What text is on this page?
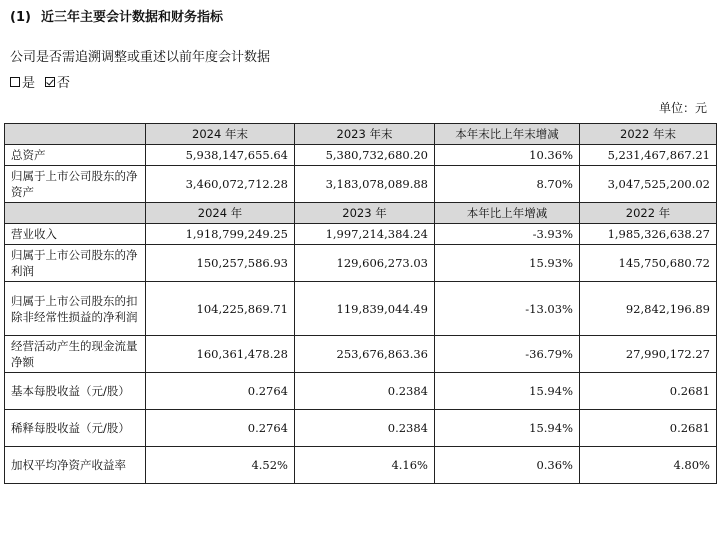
(1) 近三年主要会计数据和财务指标
公司是否需追溯调整或重述以前年度会计数据
是 否
单位：元
	2024 年末	2023 年末	本年末比上年末增减	2022 年末
总资产	5,938,147,655.64	5,380,732,680.20	10.36%	5,231,467,867.21
归属于上市公司股东的净资产	3,460,072,712.28	3,183,078,089.88	8.70%	3,047,525,200.02
	2024 年	2023 年	本年比上年增减	2022 年
营业收入	1,918,799,249.25	1,997,214,384.24	-3.93%	1,985,326,638.27
归属于上市公司股东的净利润	150,257,586.93	129,606,273.03	15.93%	145,750,680.72
归属于上市公司股东的扣除非经常性损益的净利润	104,225,869.71	119,839,044.49	-13.03%	92,842,196.89
经营活动产生的现金流量净额	160,361,478.28	253,676,863.36	-36.79%	27,990,172.27
基本每股收益（元/股）	0.2764	0.2384	15.94%	0.2681
稀释每股收益（元/股）	0.2764	0.2384	15.94%	0.2681
加权平均净资产收益率	4.52%	4.16%	0.36%	4.80%
